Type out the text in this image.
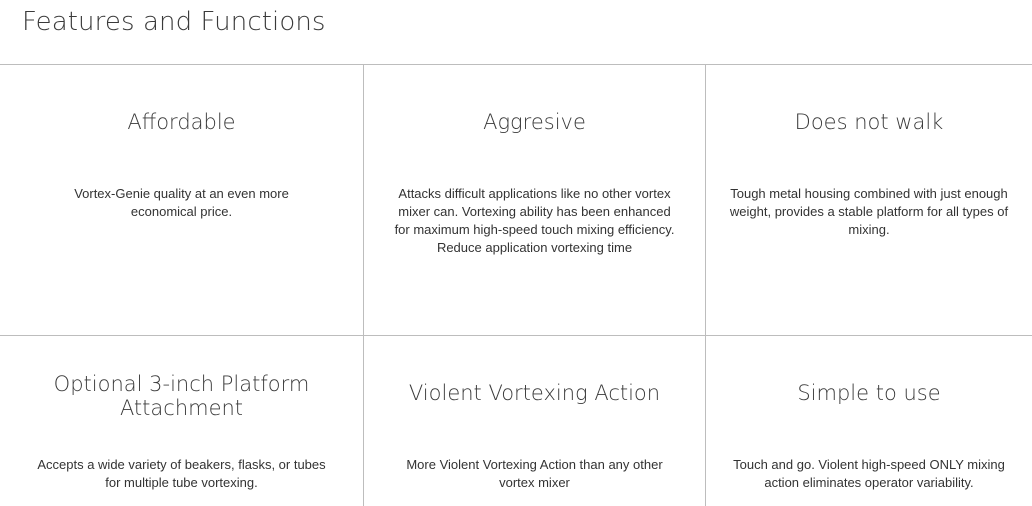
Features and Functions
Affordable

Vortex-Genie quality at an even more economical price.

Aggresive

Attacks difficult applications like no other vortex mixer can. Vortexing ability has been enhanced for maximum high-speed touch mixing efficiency. Reduce application vortexing time

Does not walk

Tough metal housing combined with just enough weight, provides a stable platform for all types of mixing.

Optional 3-inch Platform Attachment

Accepts a wide variety of beakers, flasks, or tubes for multiple tube vortexing.

Violent Vortexing Action

More Violent Vortexing Action than any other vortex mixer

Simple to use

Touch and go. Violent high-speed ONLY mixing action eliminates operator variability.
